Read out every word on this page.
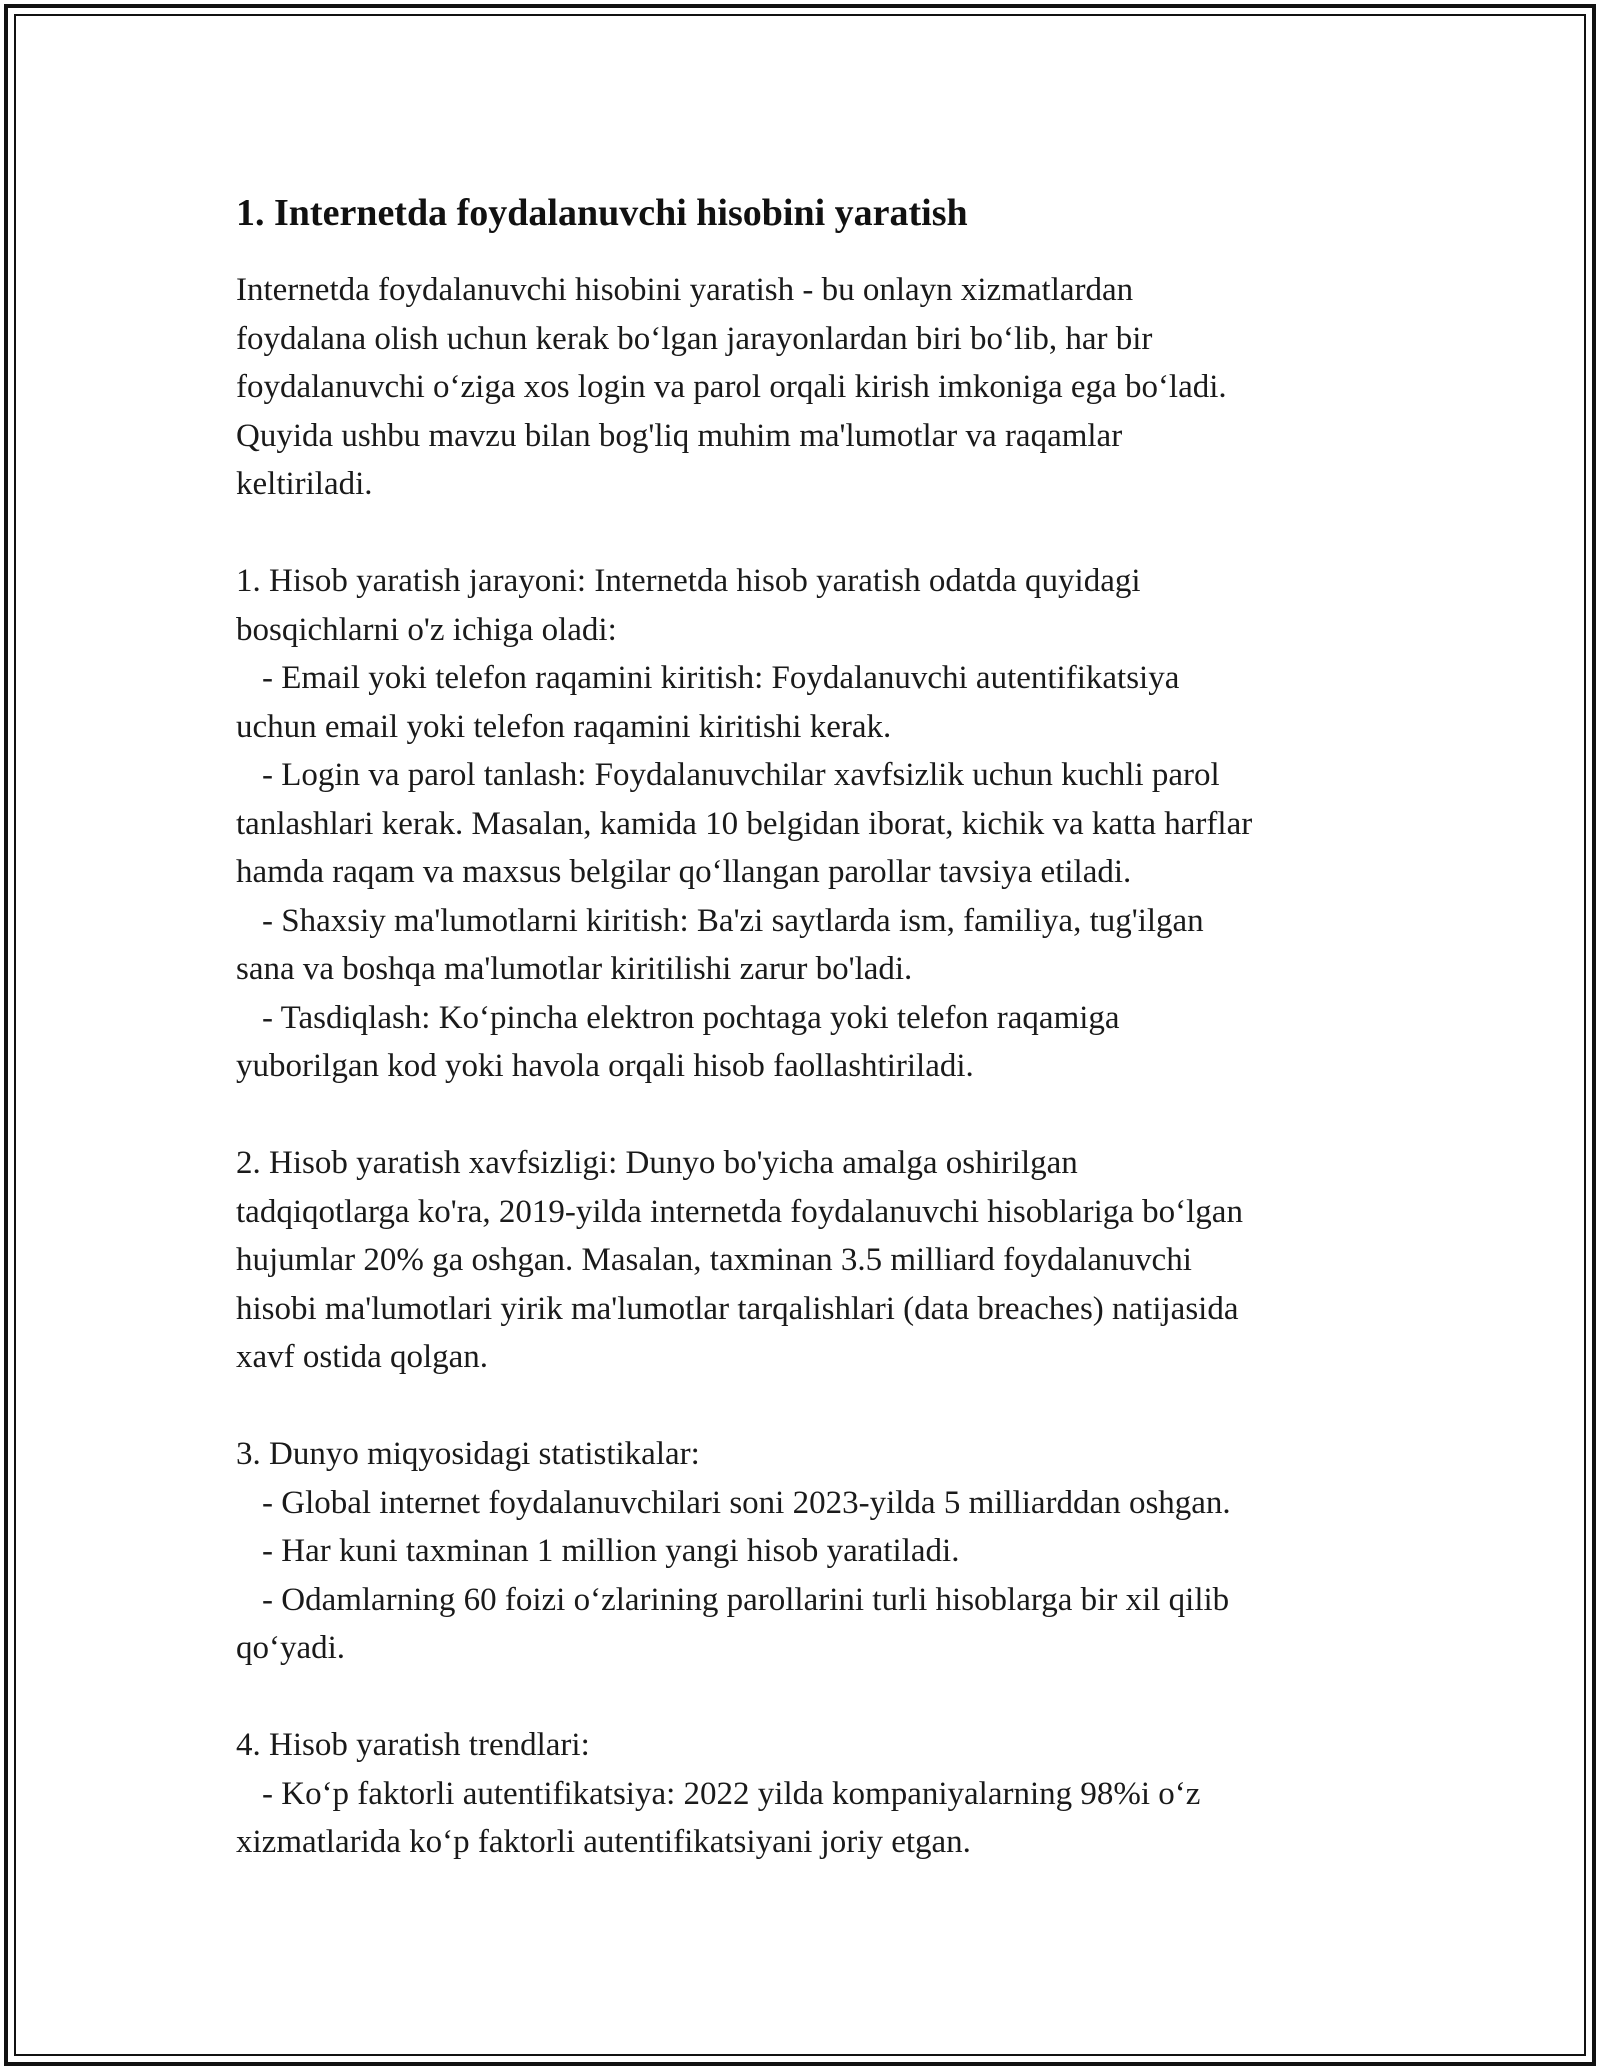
1. Internetda foydalanuvchi hisobini yaratish

Internetda foydalanuvchi hisobini yaratish - bu onlayn xizmatlardan

foydalana olish uchun kerak bo‘lgan jarayonlardan biri bo‘lib, har bir

foydalanuvchi o‘ziga xos login va parol orqali kirish imkoniga ega bo‘ladi.

Quyida ushbu mavzu bilan bog'liq muhim ma'lumotlar va raqamlar

keltiriladi.

1. Hisob yaratish jarayoni: Internetda hisob yaratish odatda quyidagi

bosqichlarni o'z ichiga oladi:

- Email yoki telefon raqamini kiritish: Foydalanuvchi autentifikatsiya

uchun email yoki telefon raqamini kiritishi kerak.

- Login va parol tanlash: Foydalanuvchilar xavfsizlik uchun kuchli parol

tanlashlari kerak. Masalan, kamida 10 belgidan iborat, kichik va katta harflar

hamda raqam va maxsus belgilar qo‘llangan parollar tavsiya etiladi.

- Shaxsiy ma'lumotlarni kiritish: Ba'zi saytlarda ism, familiya, tug'ilgan

sana va boshqa ma'lumotlar kiritilishi zarur bo'ladi.

- Tasdiqlash: Ko‘pincha elektron pochtaga yoki telefon raqamiga

yuborilgan kod yoki havola orqali hisob faollashtiriladi.

2. Hisob yaratish xavfsizligi: Dunyo bo'yicha amalga oshirilgan

tadqiqotlarga ko'ra, 2019-yilda internetda foydalanuvchi hisoblariga bo‘lgan

hujumlar 20% ga oshgan. Masalan, taxminan 3.5 milliard foydalanuvchi

hisobi ma'lumotlari yirik ma'lumotlar tarqalishlari (data breaches) natijasida

xavf ostida qolgan.

3. Dunyo miqyosidagi statistikalar:

- Global internet foydalanuvchilari soni 2023-yilda 5 milliarddan oshgan.

- Har kuni taxminan 1 million yangi hisob yaratiladi.

- Odamlarning 60 foizi o‘zlarining parollarini turli hisoblarga bir xil qilib

qo‘yadi.

4. Hisob yaratish trendlari:

- Ko‘p faktorli autentifikatsiya: 2022 yilda kompaniyalarning 98%i o‘z

xizmatlarida ko‘p faktorli autentifikatsiyani joriy etgan.
